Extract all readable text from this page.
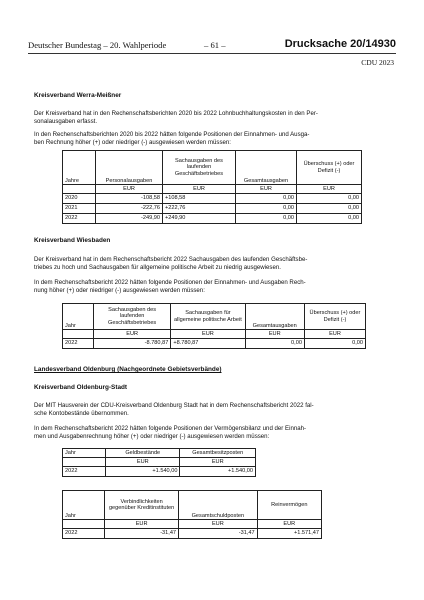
Deutscher Bundestag – 20. Wahlperiode	– 61 –	Drucksache 20/14930
CDU 2023
Kreisverband Werra-Meißner
Der Kreisverband hat in den Rechenschaftsberichten 2020 bis 2022 Lohnbuchhaltungskosten in den Per-
sonalausgaben erfasst.
In den Rechenschaftsberichten 2020 bis 2022 hätten folgende Positionen der Einnahmen- und Ausga-
ben Rechnung höher (+) oder niedriger (-) ausgewiesen werden müssen:
Jahre	Personalausgaben	Sachausgaben des laufenden Geschäftsbetriebes	Gesamtausgaben	Überschuss (+) oder Defizit (-)
	EUR	EUR	EUR	EUR
2020	-108,58	+108,58	0,00	0,00
2021	-222,76	+222,76	0,00	0,00
2022	-249,90	+249,90	0,00	0,00
Kreisverband Wiesbaden
Der Kreisverband hat in dem Rechenschaftsbericht 2022 Sachausgaben des laufenden Geschäftsbe-
triebes zu hoch und Sachausgaben für allgemeine politische Arbeit zu niedrig ausgewiesen.
In dem Rechenschaftsbericht 2022 hätten folgende Positionen der Einnahmen- und Ausgaben Rech-
nung höher (+) oder niedriger (-) ausgewiesen werden müssen:
Jahr	Sachausgaben des laufenden Geschäftsbetriebes	Sachausgaben für allgemeine politische Arbeit	Gesamtausgaben	Überschuss (+) oder Defizit (-)
	EUR	EUR	EUR	EUR
2022	-8.780,87	+8.780,87	0,00	0,00
Landesverband Oldenburg (Nachgeordnete Gebietsverbände)
Kreisverband Oldenburg-Stadt
Der MIT Hausverein der CDU-Kreisverband Oldenburg Stadt hat in dem Rechenschaftsbericht 2022 fal-
sche Kontobestände übernommen.
In dem Rechenschaftsbericht 2022 hätten folgende Positionen der Vermögensbilanz und der Einnah-
men und Ausgabenrechnung höher (+) oder niedriger (-) ausgewiesen werden müssen:
Jahr	Geldbestände	Gesamtbesitzposten
	EUR	EUR
2022	+1.540,00	+1.540,00
Jahr	Verbindlichkeiten gegenüber Kreditinstituten	Gesamtschuldposten	Reinvermögen
	EUR	EUR	EUR
2022	-31,47	-31,47	+1.571,47
